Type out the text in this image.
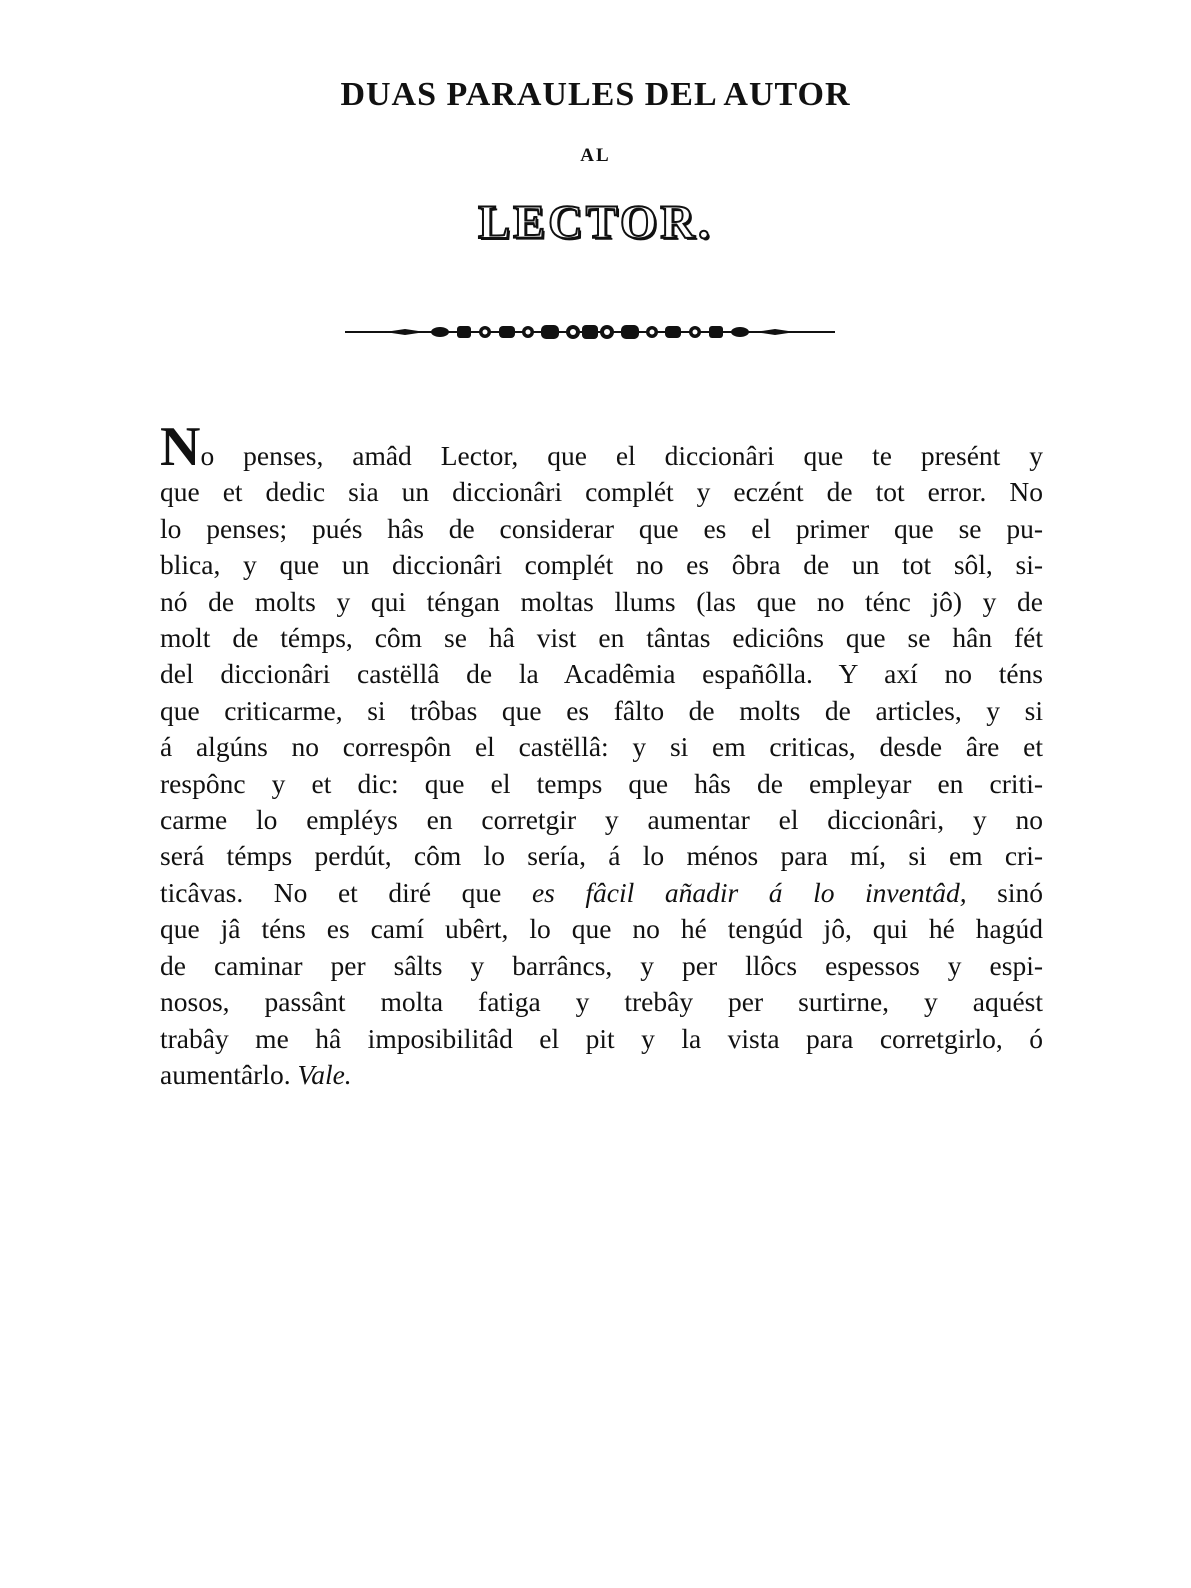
DUAS PARAULES DEL AUTOR
AL
LECTOR.
No penses, amâd Lector, que el diccionâri que te presént y
que et dedic sia un diccionâri complét y eczént de tot error. No
lo penses; pués hâs de considerar que es el primer que se pu-
blica, y que un diccionâri complét no es ôbra de un tot sôl, si-
nó de molts y qui téngan moltas llums (las que no ténc jô) y de
molt de témps, côm se hâ vist en tântas ediciôns que se hân fét
del diccionâri castëllâ de la Acadêmia españôlla. Y axí no téns
que criticarme, si trôbas que es fâlto de molts de articles, y si
á algúns no correspôn el castëllâ: y si em criticas, desde âre et
respônc y et dic: que el temps que hâs de empleyar en criti-
carme lo empléys en corretgir y aumentar el diccionâri, y no
será témps perdút, côm lo sería, á lo ménos para mí, si em cri-
ticâvas. No et diré que es fâcil añadir á lo inventâd, sinó
que jâ téns es camí ubêrt, lo que no hé tengúd jô, qui hé hagúd
de caminar per sâlts y barrâncs, y per llôcs espessos y espi-
nosos, passânt molta fatiga y trebây per surtirne, y aquést
trabây me hâ imposibilitâd el pit y la vista para corretgirlo, ó
aumentârlo. Vale.
